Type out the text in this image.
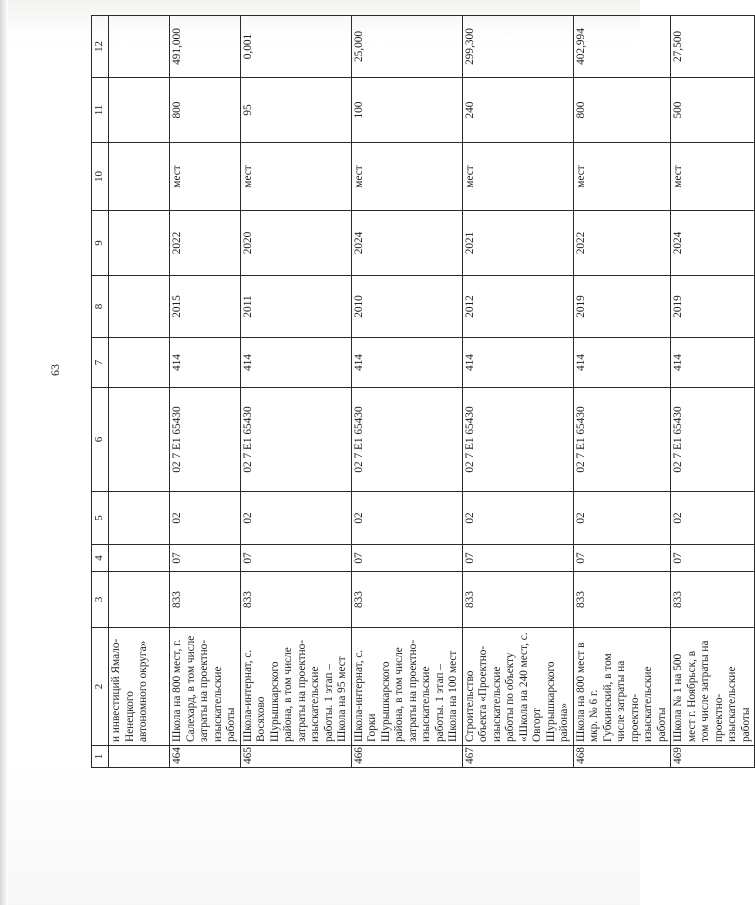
63
1	2	3	4	5	6	7	8	9	10	11	12
	и инвестиций Ямало-Ненецкого автономного округа»										
464	Школа на 800 мест, г. Салехард, в том числе затраты на проектно-изыскательские работы	833	07	02	02 7 E1 65430	414	2015	2022	мест	800	491,000
465	Школа-интернат, с. Восяхово Шурышкарского района, в том числе затраты на проектно-изыскательские работы. 1 этап – Школа на 95 мест	833	07	02	02 7 E1 65430	414	2011	2020	мест	95	0,001
466	Школа-интернат, с. Горки Шурышкарского района, в том числе затраты на проектно-изыскательские работы. 1 этап – Школа на 100 мест	833	07	02	02 7 E1 65430	414	2010	2024	мест	100	25,000
467	Строительство объекта «Проектно-изыскательские работы по объекту «Школа на 240 мест, с. Овгорт Шурышкарского района»	833	07	02	02 7 E1 65430	414	2012	2021	мест	240	299,300
468	Школа на 800 мест в мкр. № 6 г. Губкинский, в том числе затраты на проектно-изыскательские работы	833	07	02	02 7 E1 65430	414	2019	2022	мест	800	402,994
469	Школа № 1 на 500 мест г. Ноябрьск, в том числе затраты на проектно-изыскательские работы	833	07	02	02 7 E1 65430	414	2019	2024	мест	500	27,500
